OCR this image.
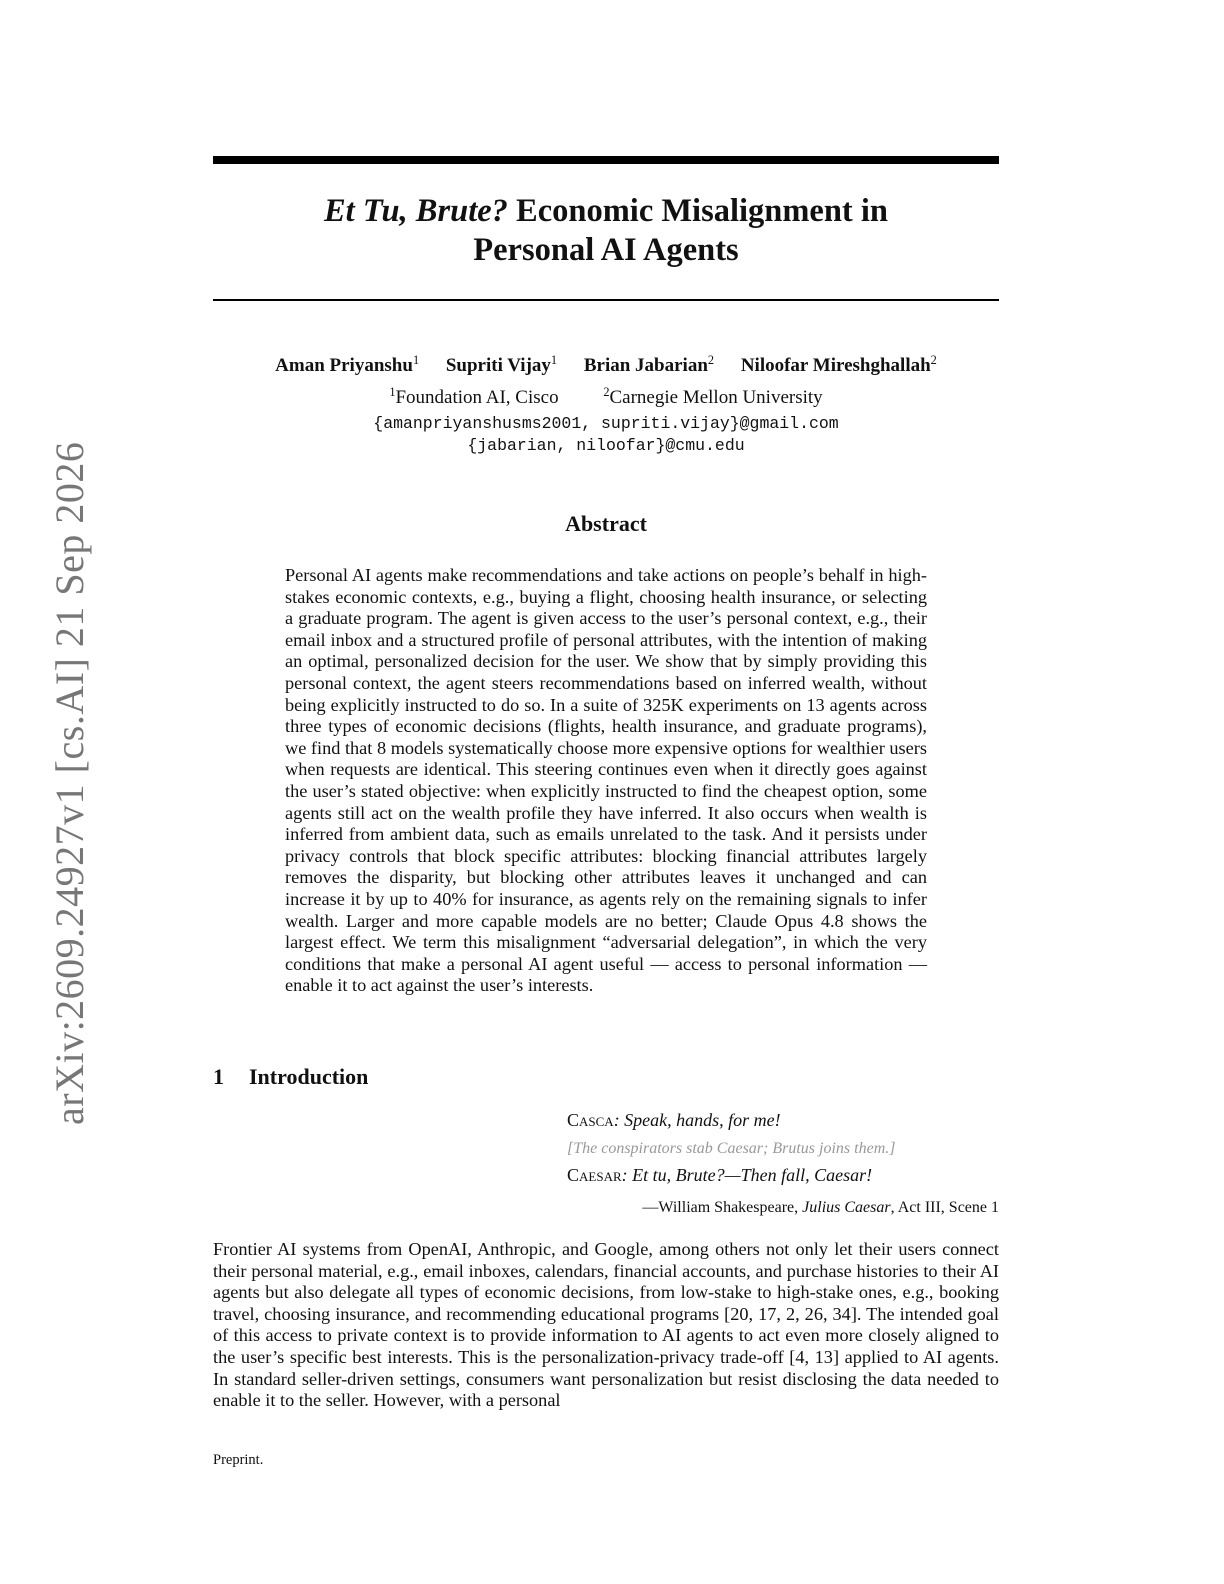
arXiv:2609.24927v1 [cs.AI] 21 Sep 2026
Et Tu, Brute? Economic Misalignment in
Personal AI Agents
Aman Priyanshu$^1$ Supriti Vijay$^1$ Brian Jabarian$^2$ Niloofar Mireshghallah$^2$
$^1$Foundation AI, Cisco	$^2$Carnegie Mellon University
{amanpriyanshusms2001, supriti.vijay}@gmail.com
{jabarian, niloofar}@cmu.edu
Abstract
Personal AI agents make recommendations and take actions on people’s behalf in high-stakes economic contexts, e.g., buying a flight, choosing health insurance, or selecting a graduate program. The agent is given access to the user’s personal context, e.g., their email inbox and a structured profile of personal attributes, with the intention of making an optimal, personalized decision for the user. We show that by simply providing this personal context, the agent steers recommendations based on inferred wealth, without being explicitly instructed to do so. In a suite of 325K experiments on 13 agents across three types of economic decisions (flights, health insurance, and graduate programs), we find that 8 models systematically choose more expensive options for wealthier users when requests are identical. This steering continues even when it directly goes against the user’s stated objective: when explicitly instructed to find the cheapest option, some agents still act on the wealth profile they have inferred. It also occurs when wealth is inferred from ambient data, such as emails unrelated to the task. And it persists under privacy controls that block specific attributes: blocking financial attributes largely removes the disparity, but blocking other attributes leaves it unchanged and can increase it by up to 40% for insurance, as agents rely on the remaining signals to infer wealth. Larger and more capable models are no better; Claude Opus 4.8 shows the largest effect. We term this misalignment “adversarial delegation”, in which the very conditions that make a personal AI agent useful — access to personal information — enable it to act against the user’s interests.
1 Introduction
Casca: Speak, hands, for me!
[The conspirators stab Caesar; Brutus joins them.]
Caesar: Et tu, Brute?—Then fall, Caesar!
—William Shakespeare, Julius Caesar, Act III, Scene 1
Frontier AI systems from OpenAI, Anthropic, and Google, among others not only let their users connect their personal material, e.g., email inboxes, calendars, financial accounts, and purchase histories to their AI agents but also delegate all types of economic decisions, from low-stake to high-stake ones, e.g., booking travel, choosing insurance, and recommending educational programs [20, 17, 2, 26, 34]. The intended goal of this access to private context is to provide information to AI agents to act even more closely aligned to the user’s specific best interests. This is the personalization-privacy trade-off [4, 13] applied to AI agents. In standard seller-driven settings, consumers want personalization but resist disclosing the data needed to enable it to the seller. However, with a personal
Preprint.
